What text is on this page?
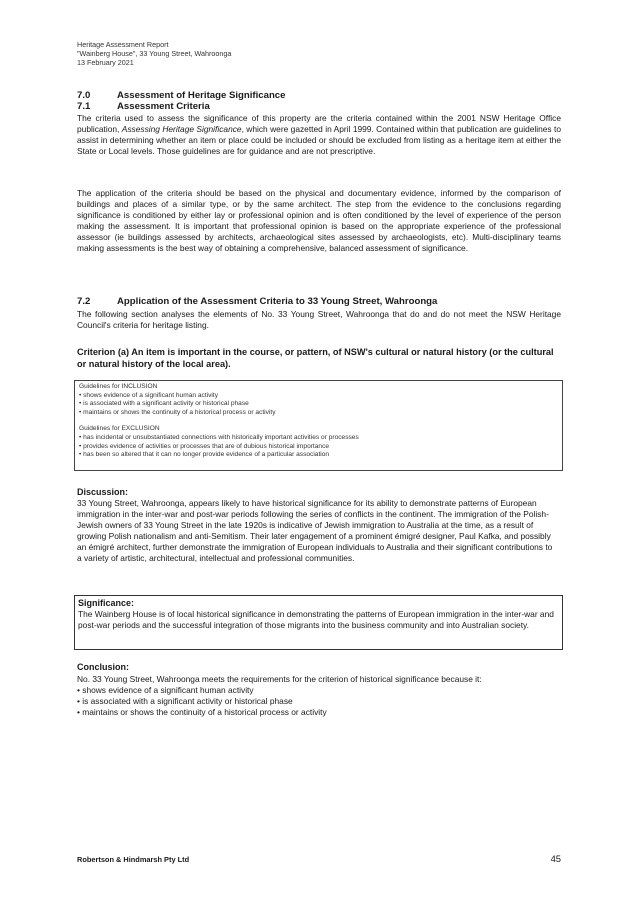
Heritage Assessment Report
"Wainberg House", 33 Young Street, Wahroonga
13 February 2021
7.0	Assessment of Heritage Significance
7.1	Assessment Criteria
The criteria used to assess the significance of this property are the criteria contained within the 2001 NSW Heritage Office publication, Assessing Heritage Significance, which were gazetted in April 1999. Contained within that publication are guidelines to assist in determining whether an item or place could be included or should be excluded from listing as a heritage item at either the State or Local levels. Those guidelines are for guidance and are not prescriptive.
The application of the criteria should be based on the physical and documentary evidence, informed by the comparison of buildings and places of a similar type, or by the same architect. The step from the evidence to the conclusions regarding significance is conditioned by either lay or professional opinion and is often conditioned by the level of experience of the person making the assessment. It is important that professional opinion is based on the appropriate experience of the professional assessor (ie buildings assessed by architects, archaeological sites assessed by archaeologists, etc). Multi-disciplinary teams making assessments is the best way of obtaining a comprehensive, balanced assessment of significance.
7.2	Application of the Assessment Criteria to 33 Young Street, Wahroonga
The following section analyses the elements of No. 33 Young Street, Wahroonga that do and do not meet the NSW Heritage Council's criteria for heritage listing.
Criterion (a) An item is important in the course, or pattern, of NSW's cultural or natural history (or the cultural or natural history of the local area).
Guidelines for INCLUSION
• shows evidence of a significant human activity
• is associated with a significant activity or historical phase
• maintains or shows the continuity of a historical process or activity
Guidelines for EXCLUSION
• has incidental or unsubstantiated connections with historically important activities or processes
• provides evidence of activities or processes that are of dubious historical importance
• has been so altered that it can no longer provide evidence of a particular association
Discussion:
33 Young Street, Wahroonga, appears likely to have historical significance for its ability to demonstrate patterns of European immigration in the inter-war and post-war periods following the series of conflicts in the continent. The immigration of the Polish-Jewish owners of 33 Young Street in the late 1920s is indicative of Jewish immigration to Australia at the time, as a result of growing Polish nationalism and anti-Semitism. Their later engagement of a prominent émigré designer, Paul Kafka, and possibly an émigré architect, further demonstrate the immigration of European individuals to Australia and their significant contributions to a variety of artistic, architectural, intellectual and professional communities.
Significance:
The Wainberg House is of local historical significance in demonstrating the patterns of European immigration in the inter-war and post-war periods and the successful integration of those migrants into the business community and into Australian society.
Conclusion:
No. 33 Young Street, Wahroonga meets the requirements for the criterion of historical significance because it:
• shows evidence of a significant human activity
• is associated with a significant activity or historical phase
• maintains or shows the continuity of a historical process or activity
Robertson & Hindmarsh Pty Ltd	45
